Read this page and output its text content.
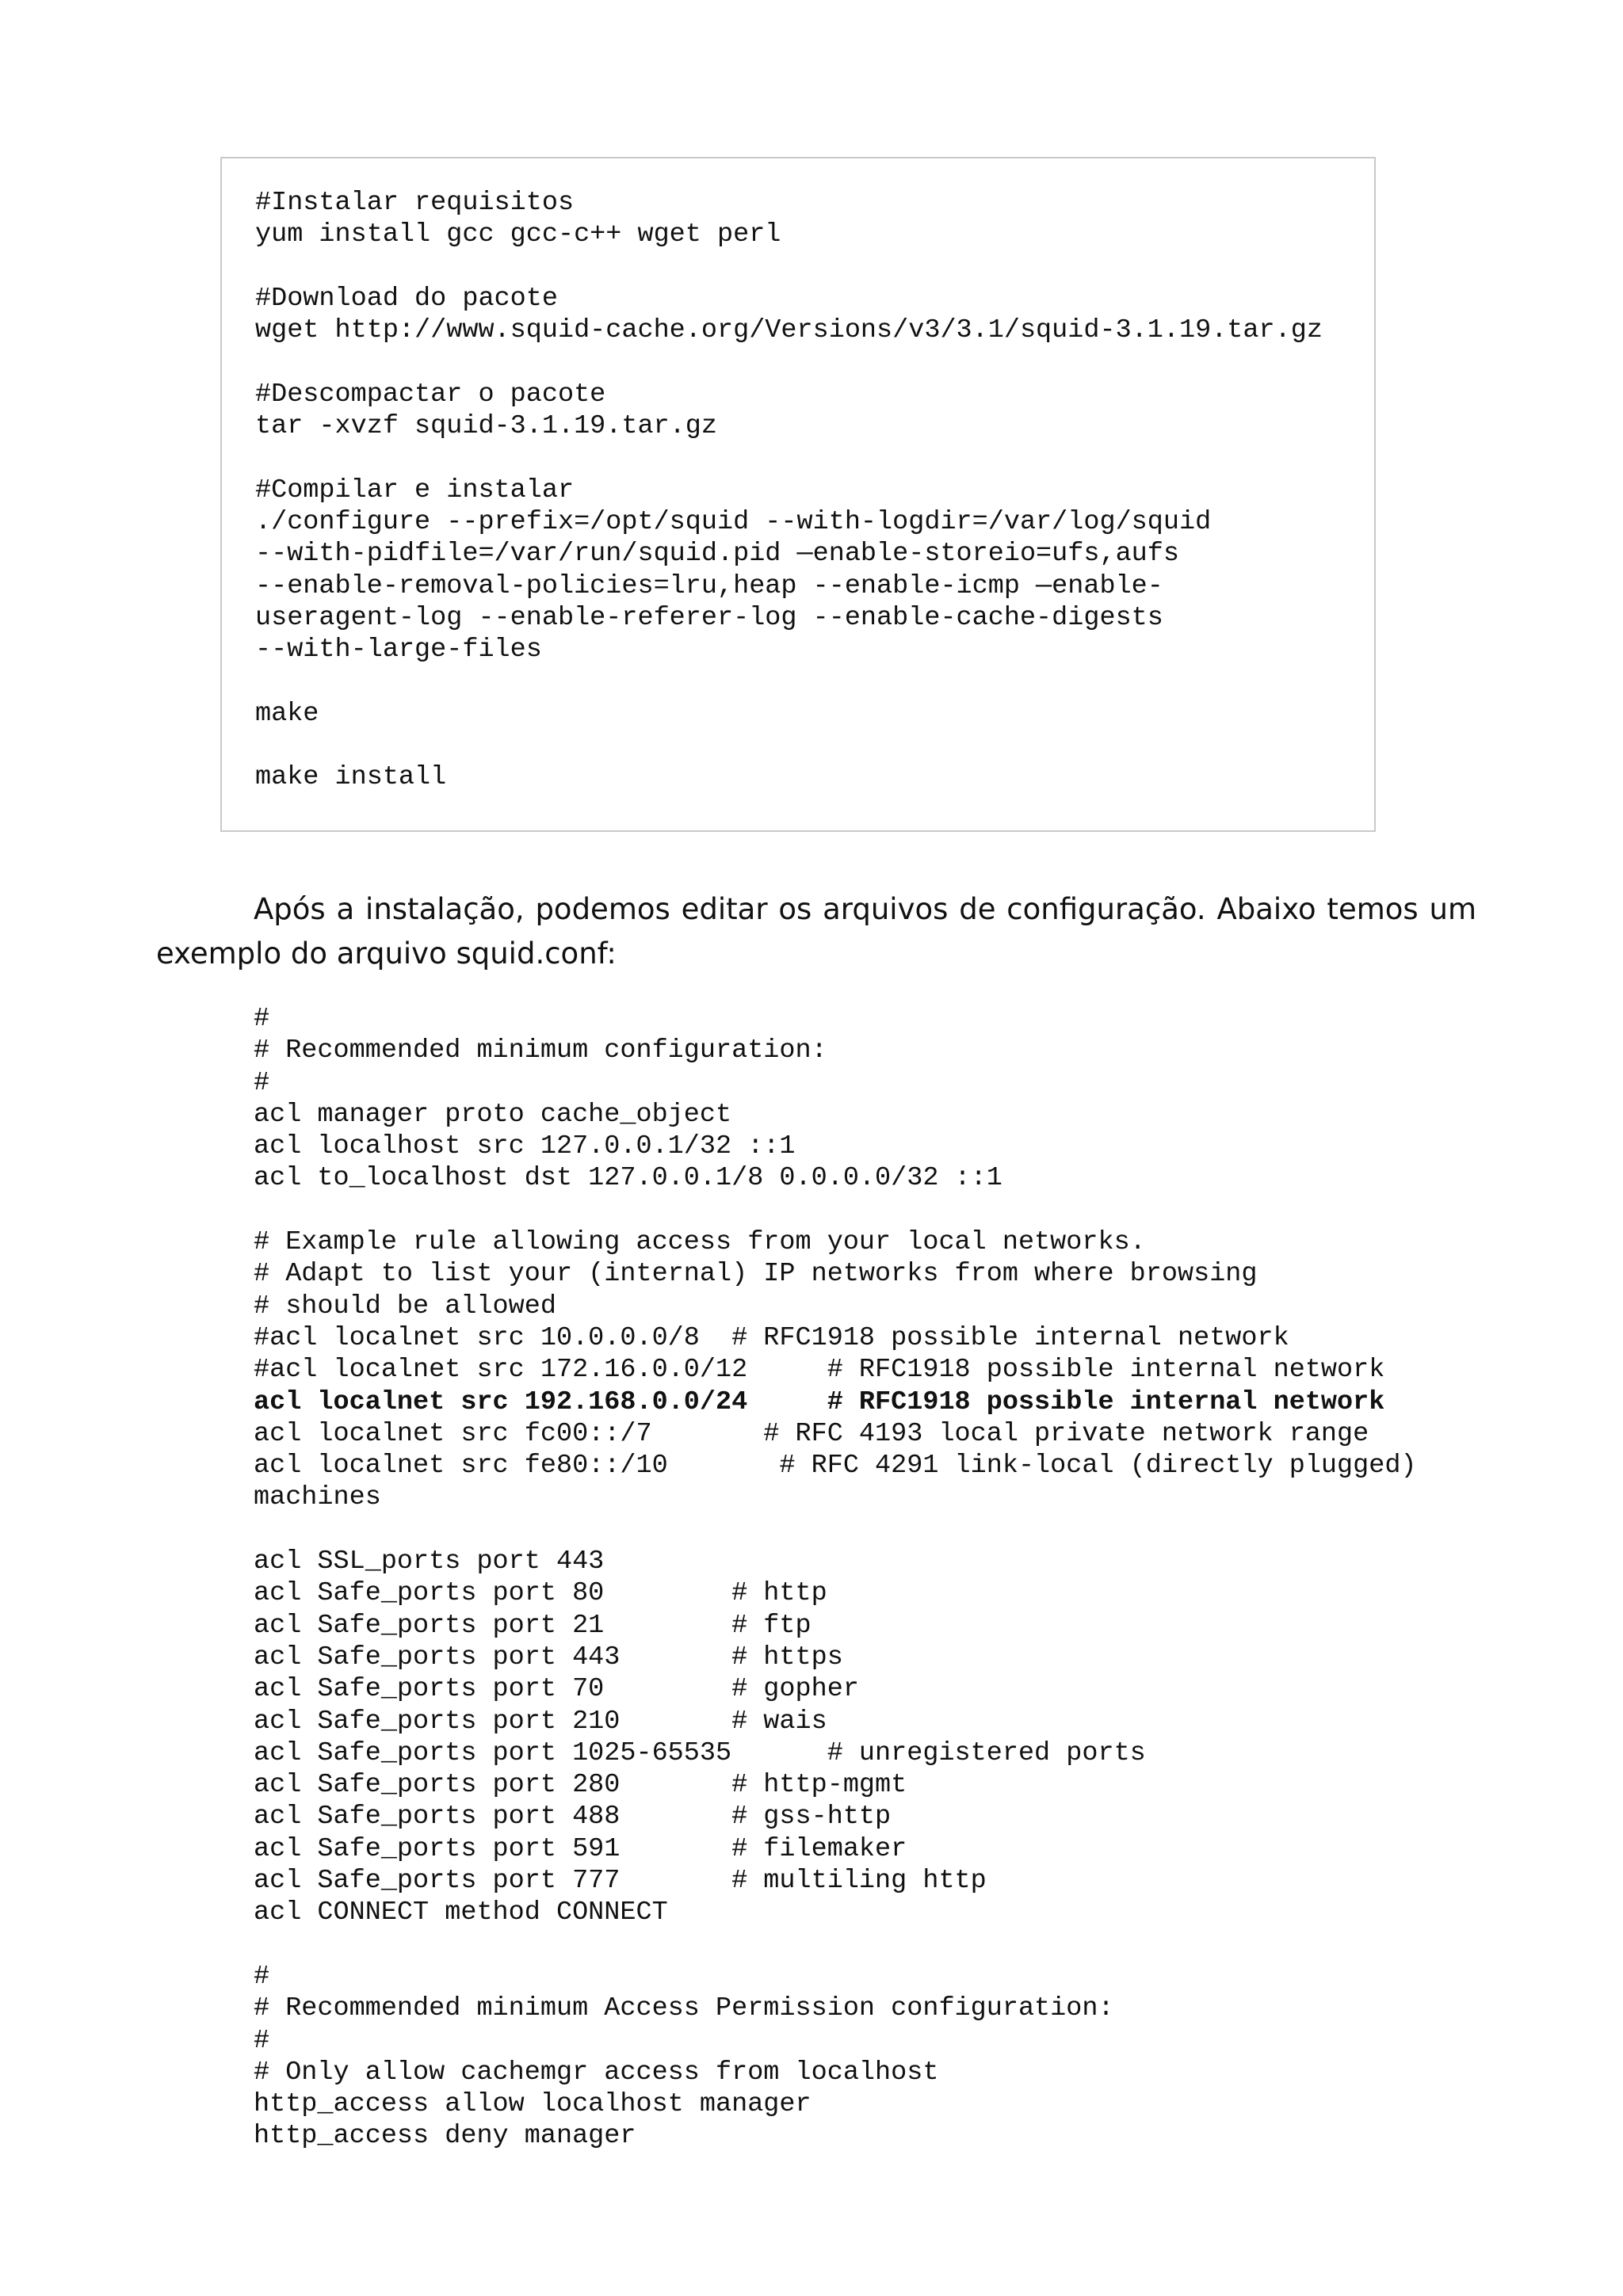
#Instalar requisitos
yum install gcc gcc-c++ wget perl
#Download do pacote
wget http://www.squid-cache.org/Versions/v3/3.1/squid-3.1.19.tar.gz
#Descompactar o pacote
tar -xvzf squid-3.1.19.tar.gz
#Compilar e instalar
./configure --prefix=/opt/squid --with-logdir=/var/log/squid
--with-pidfile=/var/run/squid.pid —enable-storeio=ufs,aufs
--enable-removal-policies=lru,heap --enable-icmp —enable-
useragent-log --enable-referer-log --enable-cache-digests
--with-large-files
make
make install

Após a instalação, podemos editar os arquivos de configuração. Abaixo temos um exemplo do arquivo squid.conf:

#
# Recommended minimum configuration:
#
acl manager proto cache_object
acl localhost src 127.0.0.1/32 ::1
acl to_localhost dst 127.0.0.1/8 0.0.0.0/32 ::1
# Example rule allowing access from your local networks.
# Adapt to list your (internal) IP networks from where browsing
# should be allowed
#acl localnet src 10.0.0.0/8  # RFC1918 possible internal network
#acl localnet src 172.16.0.0/12     # RFC1918 possible internal network
acl localnet src 192.168.0.0/24     # RFC1918 possible internal network
acl localnet src fc00::/7       # RFC 4193 local private network range
acl localnet src fe80::/10       # RFC 4291 link-local (directly plugged)
machines
acl SSL_ports port 443
acl Safe_ports port 80        # http
acl Safe_ports port 21        # ftp
acl Safe_ports port 443       # https
acl Safe_ports port 70        # gopher
acl Safe_ports port 210       # wais
acl Safe_ports port 1025-65535      # unregistered ports
acl Safe_ports port 280       # http-mgmt
acl Safe_ports port 488       # gss-http
acl Safe_ports port 591       # filemaker
acl Safe_ports port 777       # multiling http
acl CONNECT method CONNECT
#
# Recommended minimum Access Permission configuration:
#
# Only allow cachemgr access from localhost
http_access allow localhost manager
http_access deny manager
